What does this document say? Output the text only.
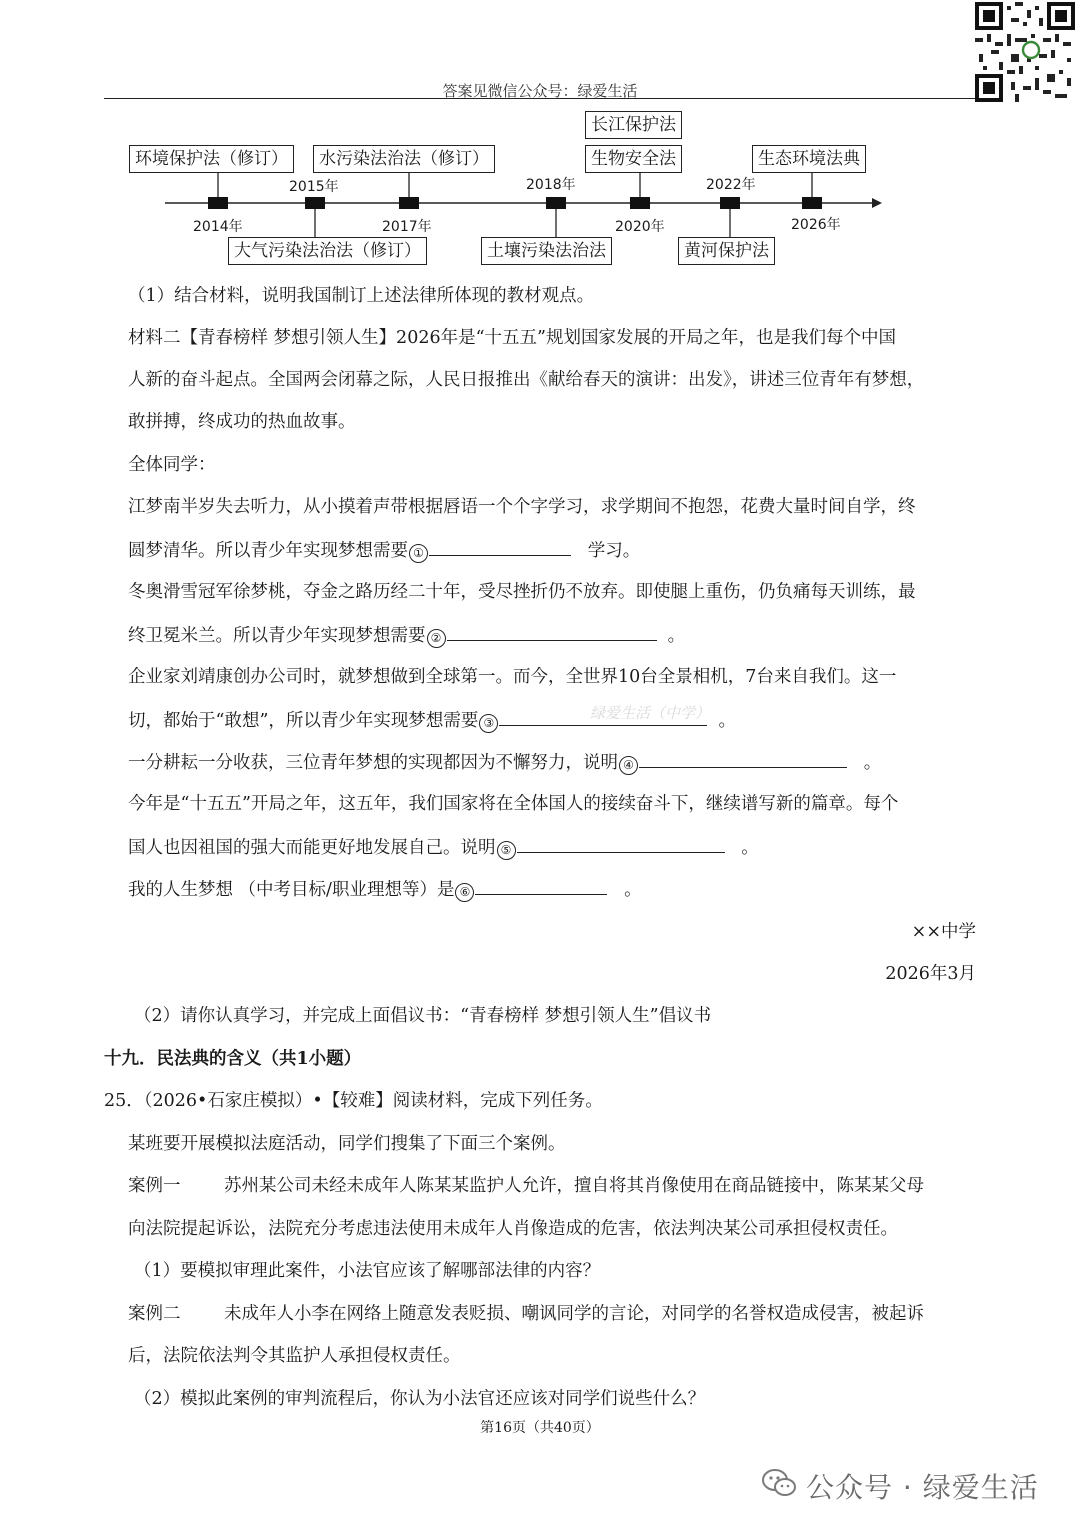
答案见微信公众号：绿爱生活
2014年
2015年
2017年
2018年
2020年
2022年
2026年
环境保护法（修订）	水污染法治法（修订）
长江保护法
生物安全法	生态环境法典
大气污染法治法（修订）	土壤污染法治法	黄河保护法
（1）结合材料，说明我国制订上述法律所体现的教材观点。
材料二【青春榜样 梦想引领人生】2026年是“十五五”规划国家发展的开局之年，也是我们每个中国
人新的奋斗起点。全国两会闭幕之际，人民日报推出《献给春天的演讲：出发》，讲述三位青年有梦想，
敢拼搏，终成功的热血故事。
全体同学：
江梦南半岁失去听力，从小摸着声带根据唇语一个个字学习，求学期间不抱怨，花费大量时间自学，终
圆梦清华。所以青少年实现梦想需要 ①	学习。
冬奥滑雪冠军徐梦桃，夺金之路历经二十年，受尽挫折仍不放弃。即使腿上重伤，仍负痛每天训练，最
终卫冕米兰。所以青少年实现梦想需要 ②	。
企业家刘靖康创办公司时，就梦想做到全球第一。而今，全世界10台全景相机，7台来自我们。这一
切，都始于“敢想”，所以青少年实现梦想需要 ③	。
绿爱生活（中学）
一分耕耘一分收获，三位青年梦想的实现都因为不懈努力，说明 ④	。
今年是“十五五”开局之年，这五年，我们国家将在全体国人的接续奋斗下，继续谱写新的篇章。每个
国人也因祖国的强大而能更好地发展自己。说明 ⑤	。
我的人生梦想 （中考目标/职业理想等）是 ⑥	。
××中学
2026年3月
（2）请你认真学习，并完成上面倡议书：“青春榜样 梦想引领人生”倡议书
十九．民法典的含义（共1小题）
25．（2026•石家庄模拟）•【较难】阅读材料，完成下列任务。
某班要开展模拟法庭活动，同学们搜集了下面三个案例。
案例一 苏州某公司未经未成年人陈某某监护人允许，擅自将其肖像使用在商品链接中，陈某某父母
向法院提起诉讼，法院充分考虑违法使用未成年人肖像造成的危害，依法判决某公司承担侵权责任。
（1）要模拟审理此案件，小法官应该了解哪部法律的内容？
案例二 未成年人小李在网络上随意发表贬损、嘲讽同学的言论，对同学的名誉权造成侵害，被起诉
后，法院依法判令其监护人承担侵权责任。
（2）模拟此案例的审判流程后，你认为小法官还应该对同学们说些什么？
第16页（共40页）
公众号 · 绿爱生活
